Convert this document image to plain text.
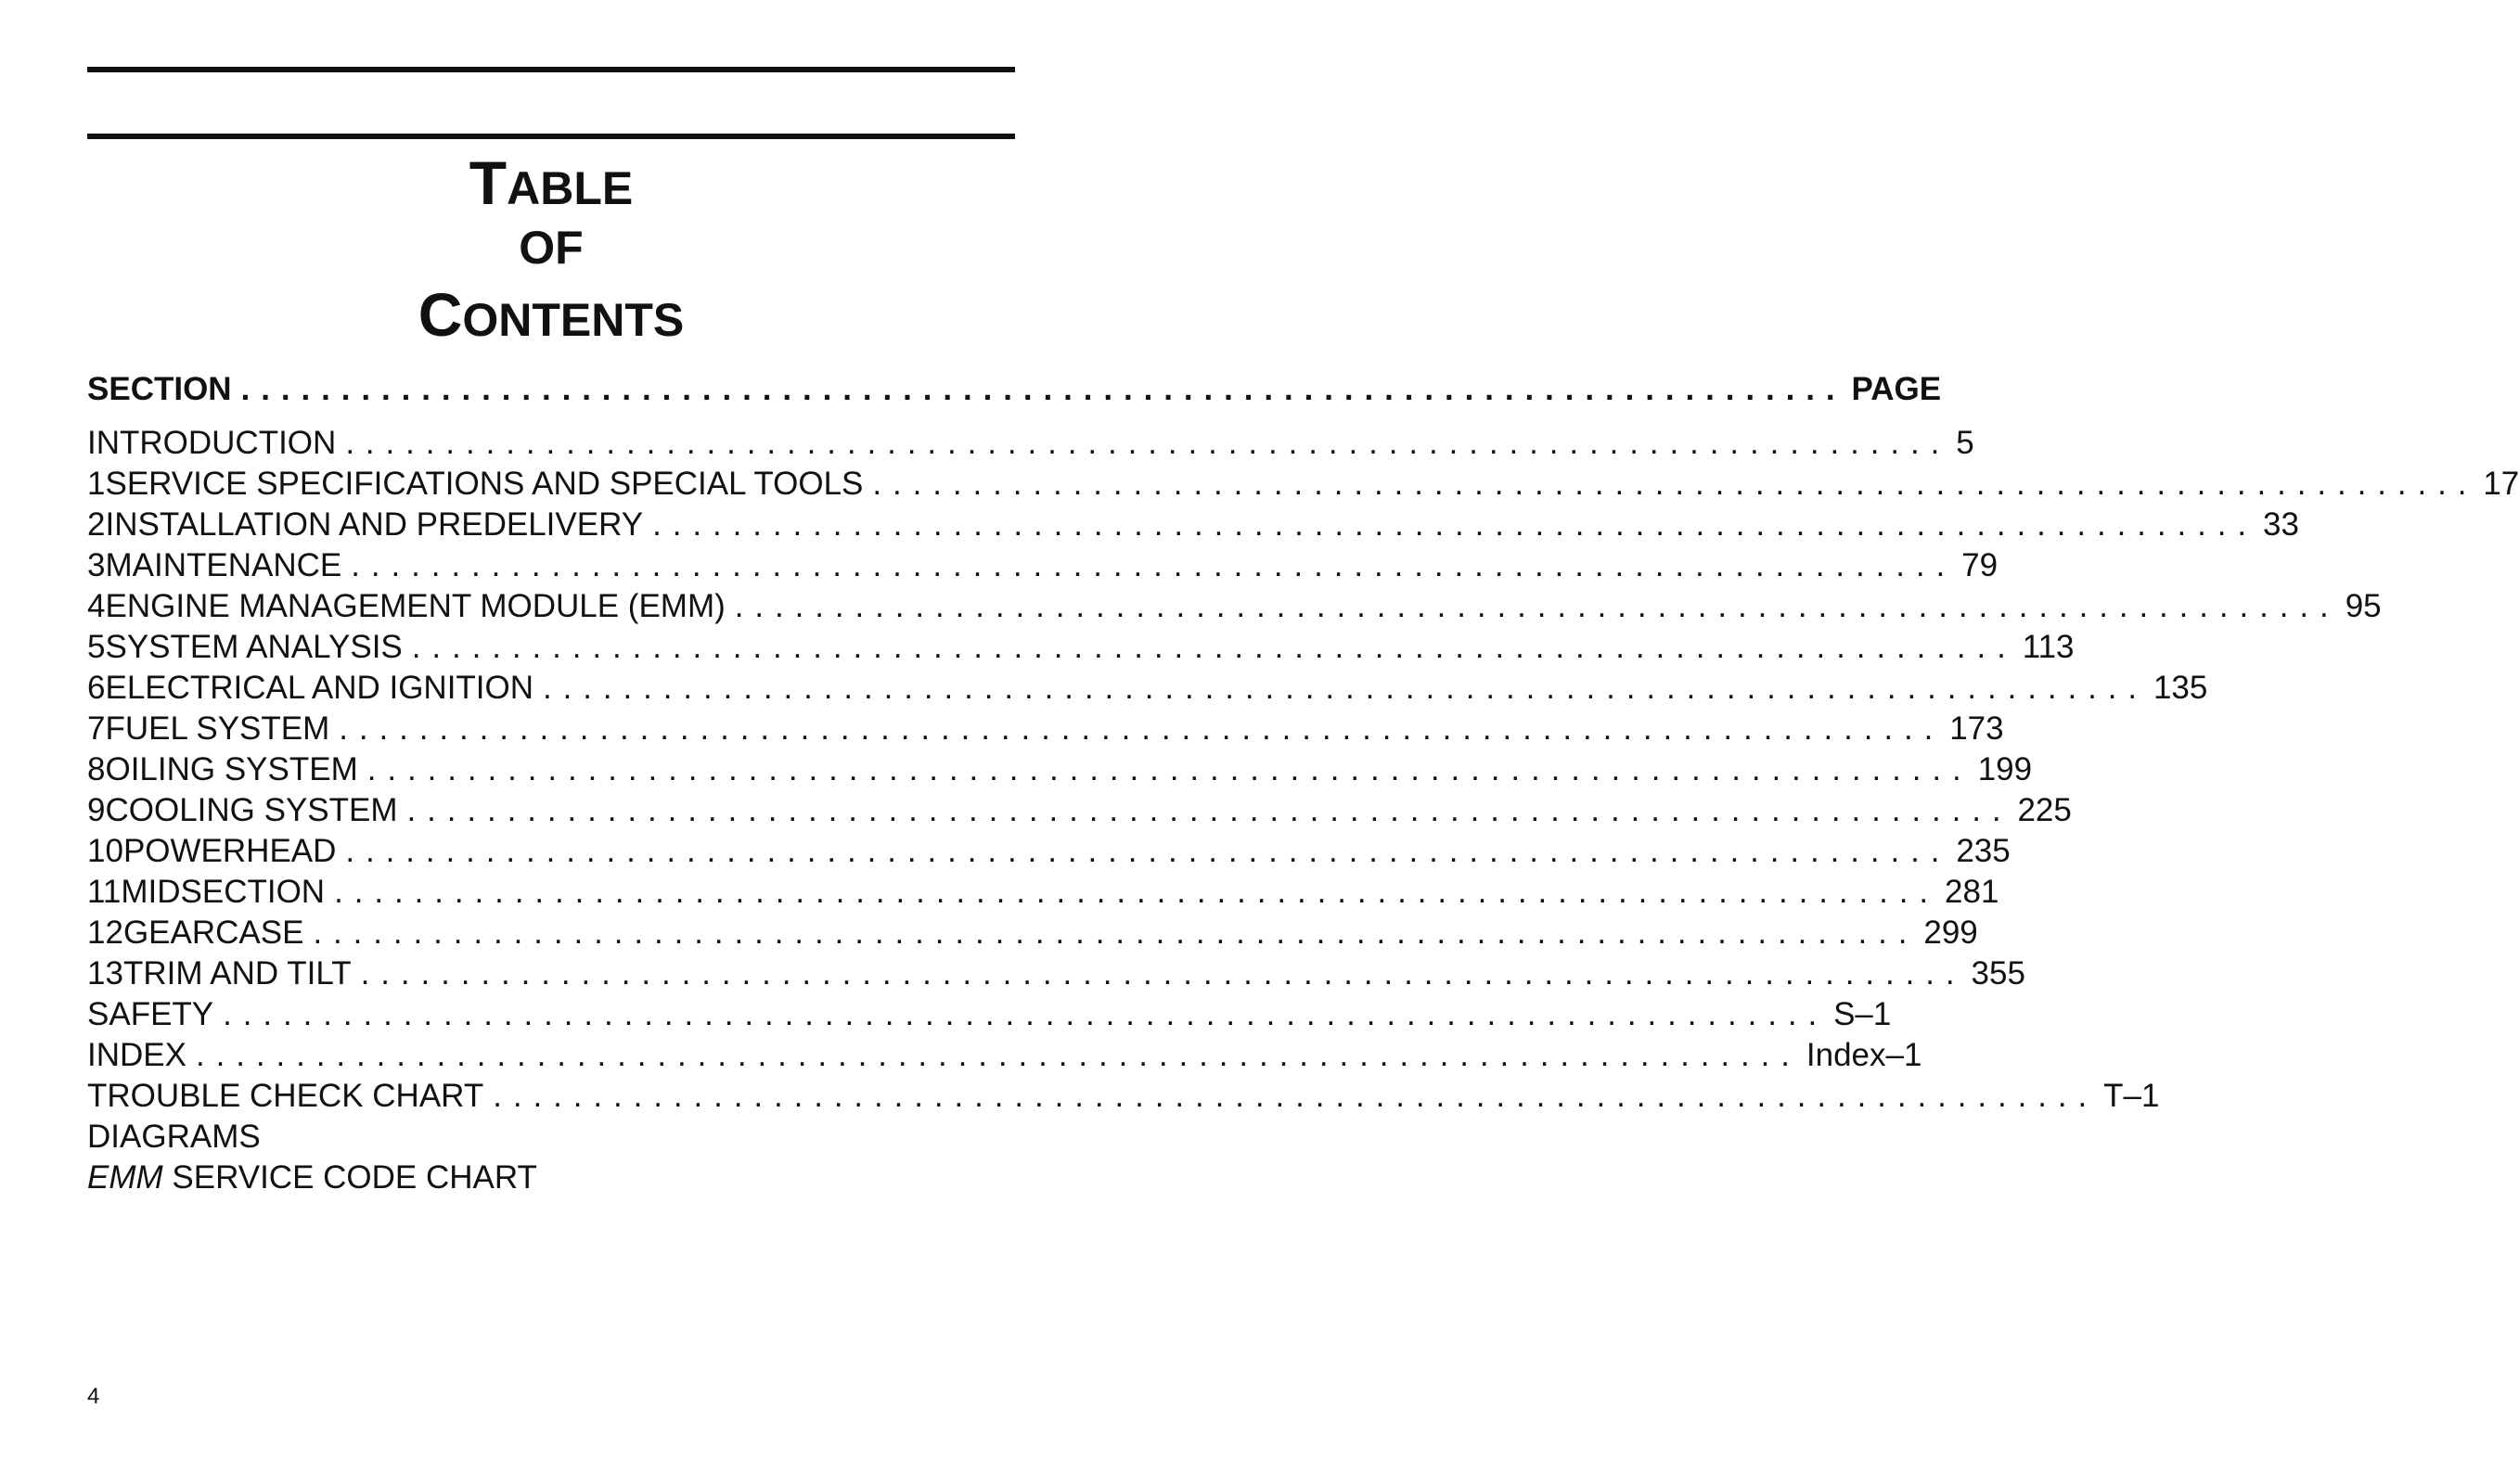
TABLE
OF
CONTENTS
SECTION ................................................................................ PAGE
INTRODUCTION ................................................................................ 5
1 SERVICE SPECIFICATIONS AND SPECIAL TOOLS ................................................................................ 17
2 INSTALLATION AND PREDELIVERY ................................................................................ 33
3 MAINTENANCE ................................................................................ 79
4 ENGINE MANAGEMENT MODULE (EMM) ................................................................................ 95
5 SYSTEM ANALYSIS ................................................................................ 113
6 ELECTRICAL AND IGNITION ................................................................................ 135
7 FUEL SYSTEM ................................................................................ 173
8 OILING SYSTEM ................................................................................ 199
9 COOLING SYSTEM ................................................................................ 225
10 POWERHEAD ................................................................................ 235
11 MIDSECTION ................................................................................ 281
12 GEARCASE ................................................................................ 299
13 TRIM AND TILT ................................................................................ 355
SAFETY ................................................................................ S–1
INDEX ................................................................................ Index–1
TROUBLE CHECK CHART ................................................................................ T–1
DIAGRAMS
EMM
SERVICE CODE CHART
4
